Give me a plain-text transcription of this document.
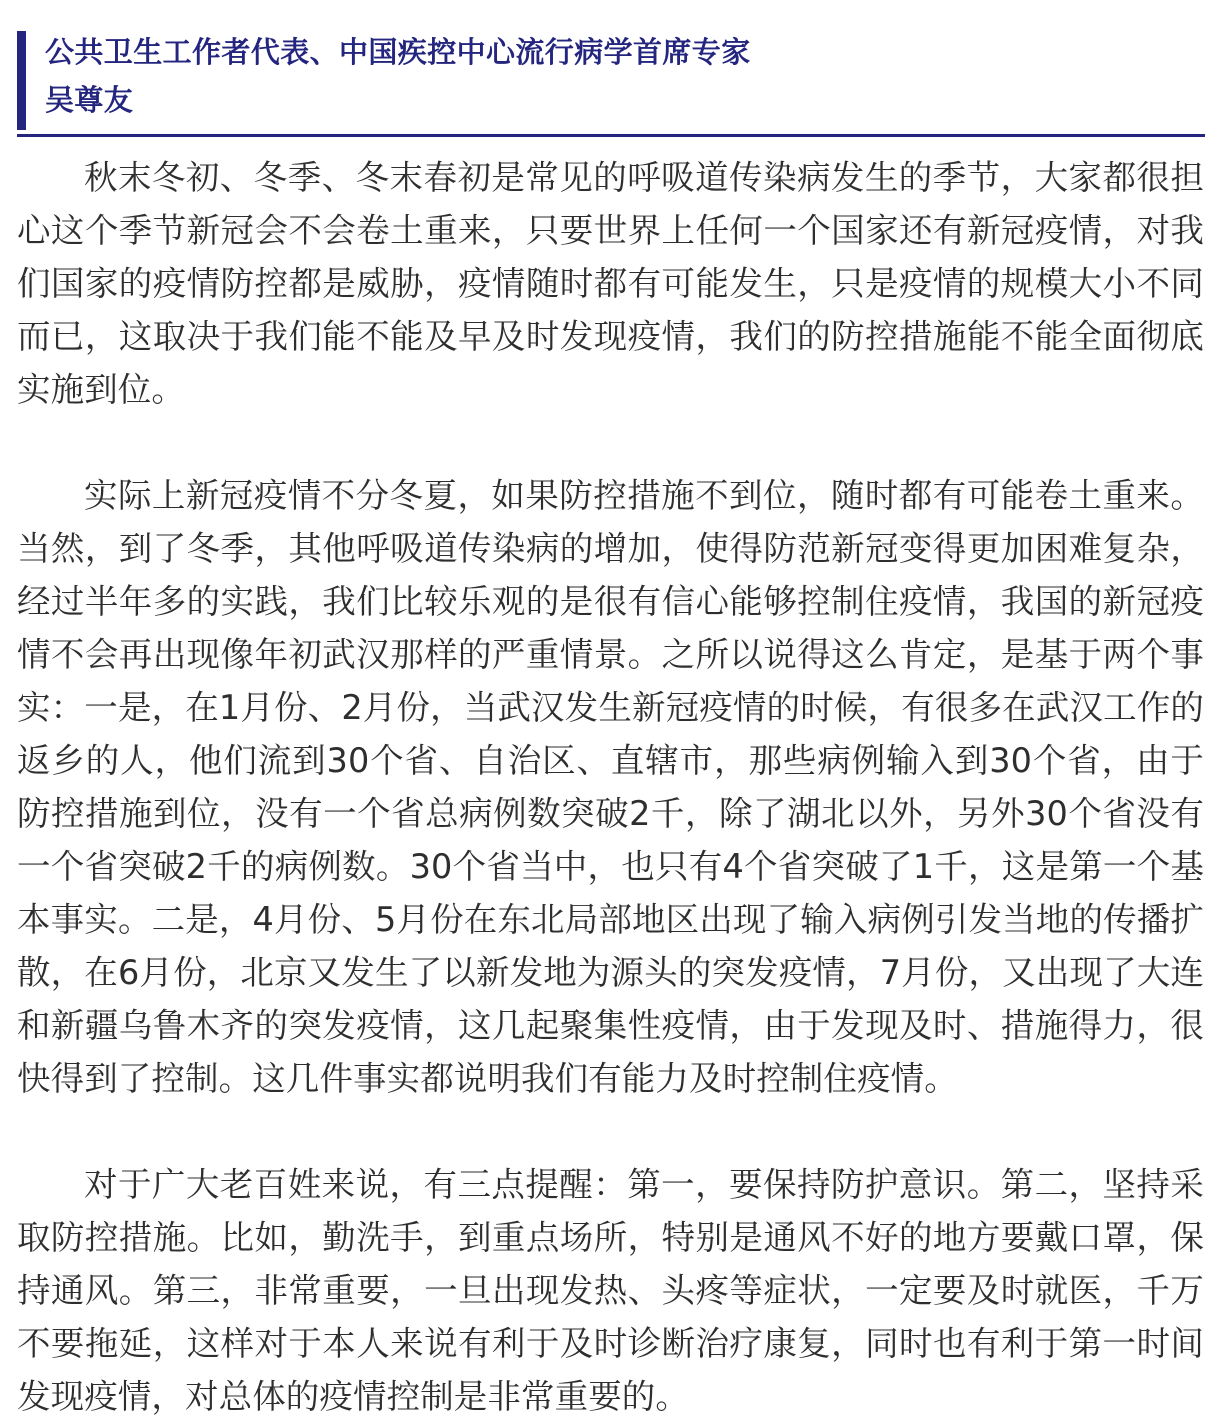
公共卫生工作者代表、中国疾控中心流行病学首席专家
吴尊友

秋末冬初、冬季、冬末春初是常见的呼吸道传染病发生的季节，大家都很担心这个季节新冠会不会卷土重来，只要世界上任何一个国家还有新冠疫情，对我们国家的疫情防控都是威胁，疫情随时都有可能发生，只是疫情的规模大小不同而已，这取决于我们能不能及早及时发现疫情，我们的防控措施能不能全面彻底实施到位。

实际上新冠疫情不分冬夏，如果防控措施不到位，随时都有可能卷土重来。当然，到了冬季，其他呼吸道传染病的增加，使得防范新冠变得更加困难复杂，经过半年多的实践，我们比较乐观的是很有信心能够控制住疫情，我国的新冠疫情不会再出现像年初武汉那样的严重情景。之所以说得这么肯定，是基于两个事实：一是，在1月份、2月份，当武汉发生新冠疫情的时候，有很多在武汉工作的返乡的人，他们流到30个省、自治区、直辖市，那些病例输入到30个省，由于防控措施到位，没有一个省总病例数突破2千，除了湖北以外，另外30个省没有一个省突破2千的病例数。30个省当中，也只有4个省突破了1千，这是第一个基本事实。二是，4月份、5月份在东北局部地区出现了输入病例引发当地的传播扩散，在6月份，北京又发生了以新发地为源头的突发疫情，7月份，又出现了大连和新疆乌鲁木齐的突发疫情，这几起聚集性疫情，由于发现及时、措施得力，很快得到了控制。这几件事实都说明我们有能力及时控制住疫情。

对于广大老百姓来说，有三点提醒：第一，要保持防护意识。第二，坚持采取防控措施。比如，勤洗手，到重点场所，特别是通风不好的地方要戴口罩，保持通风。第三，非常重要，一旦出现发热、头疼等症状，一定要及时就医，千万不要拖延，这样对于本人来说有利于及时诊断治疗康复，同时也有利于第一时间发现疫情，对总体的疫情控制是非常重要的。
